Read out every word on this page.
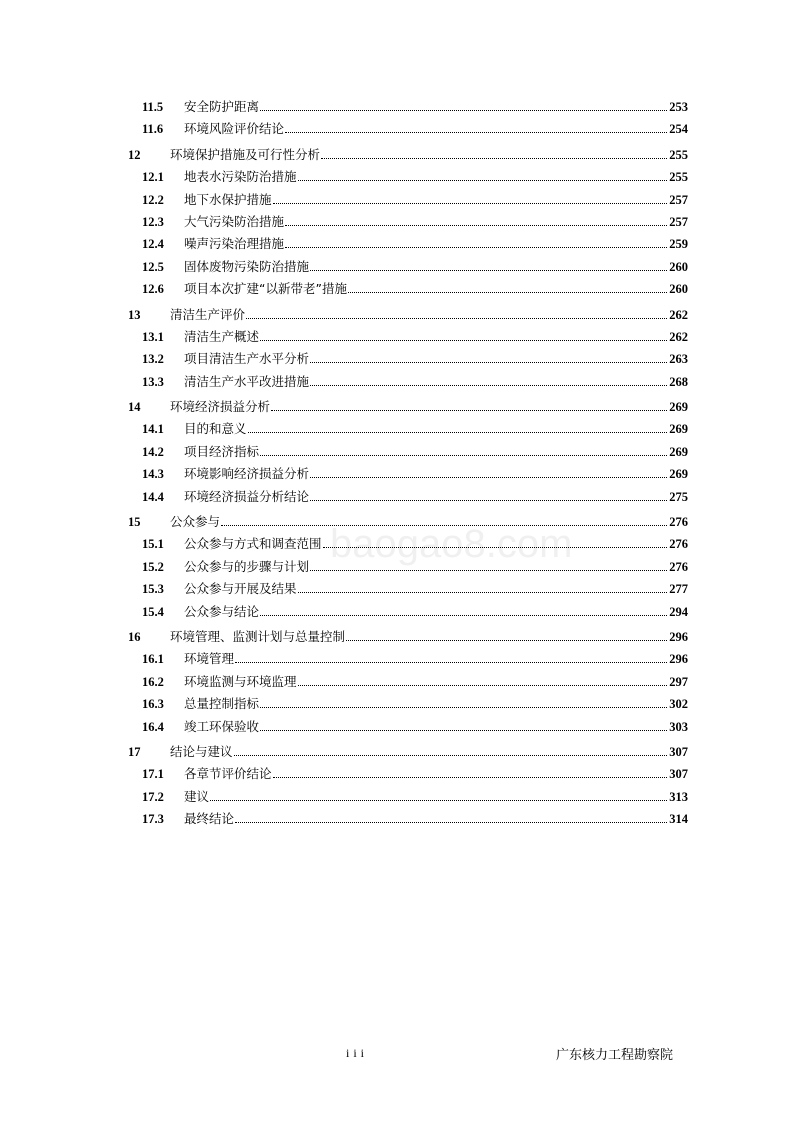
11.5	安全防护距离	253
11.6	环境风险评价结论	254
12	环境保护措施及可行性分析	255
12.1	地表水污染防治措施	255
12.2	地下水保护措施	257
12.3	大气污染防治措施	257
12.4	噪声污染治理措施	259
12.5	固体废物污染防治措施	260
12.6	项目本次扩建“以新带老”措施	260
13	清洁生产评价	262
13.1	清洁生产概述	262
13.2	项目清洁生产水平分析	263
13.3	清洁生产水平改进措施	268
14	环境经济损益分析	269
14.1	目的和意义	269
14.2	项目经济指标	269
14.3	环境影响经济损益分析	269
14.4	环境经济损益分析结论	275
15	公众参与	276
15.1	公众参与方式和调查范围	276
15.2	公众参与的步骤与计划	276
15.3	公众参与开展及结果	277
15.4	公众参与结论	294
16	环境管理、监测计划与总量控制	296
16.1	环境管理	296
16.2	环境监测与环境监理	297
16.3	总量控制指标	302
16.4	竣工环保验收	303
17	结论与建议	307
17.1	各章节评价结论	307
17.2	建议	313
17.3	最终结论	314
baogao8.com
iii	广东核力工程勘察院
